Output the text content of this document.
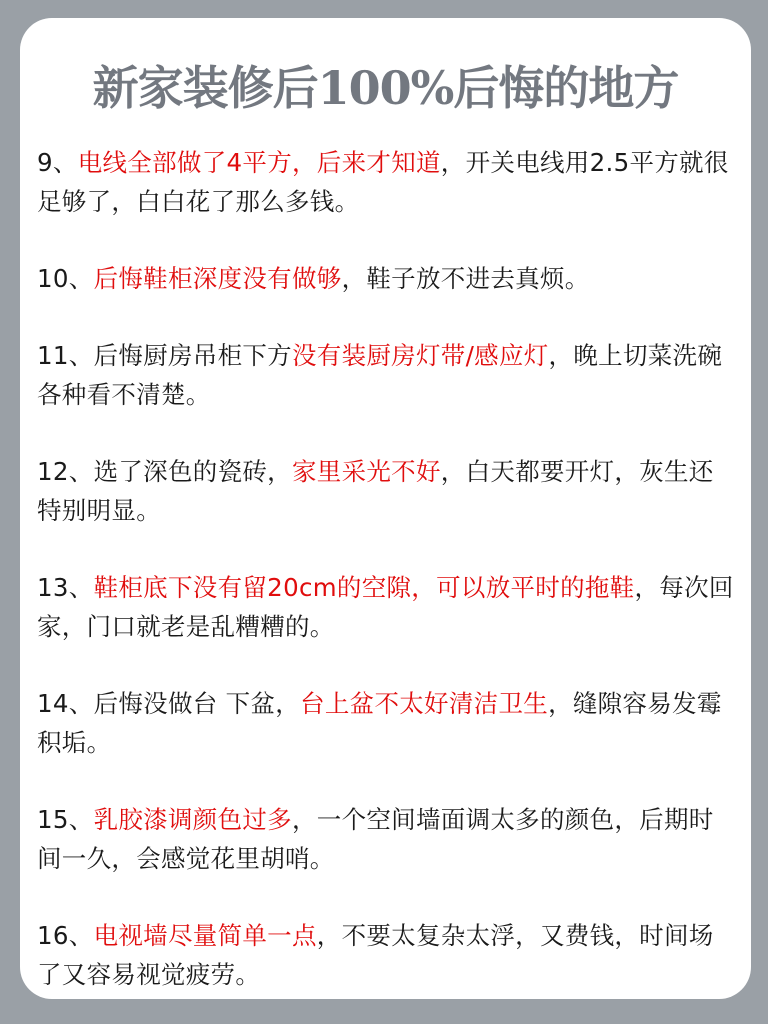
新家装修后100%后悔的地方

9、电线全部做了4平方，后来才知道，开关电线用2.5平方就很足够了，白白花了那么多钱。

10、后悔鞋柜深度没有做够，鞋子放不进去真烦。

11、后悔厨房吊柜下方没有装厨房灯带/感应灯，晚上切菜洗碗各种看不清楚。

12、选了深色的瓷砖，家里采光不好，白天都要开灯，灰生还特别明显。

13、鞋柜底下没有留20cm的空隙，可以放平时的拖鞋，每次回家，门口就老是乱糟糟的。

14、后悔没做台 下盆，台上盆不太好清洁卫生，缝隙容易发霉积垢。

15、乳胶漆调颜色过多，一个空间墙面调太多的颜色，后期时间一久，会感觉花里胡哨。

16、电视墙尽量简单一点，不要太复杂太浮，又费钱，时间场了又容易视觉疲劳。
